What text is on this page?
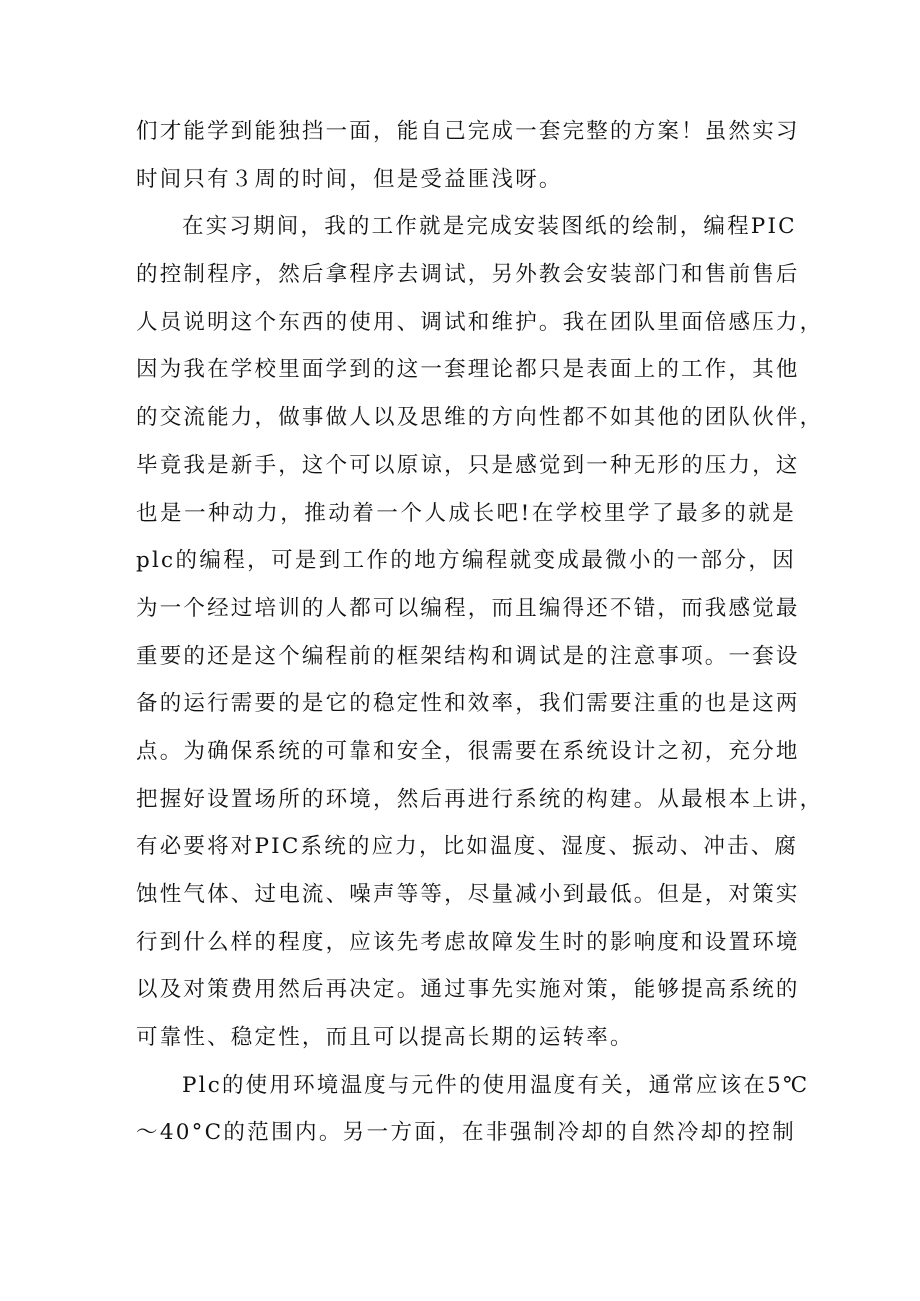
们才能学到能独挡一面，能自己完成一套完整的方案！虽然实习
时间只有３周的时间，但是受益匪浅呀。
在实习期间，我的工作就是完成安装图纸的绘制，编程PIC
的控制程序，然后拿程序去调试，另外教会安装部门和售前售后
人员说明这个东西的使用、调试和维护。我在团队里面倍感压力，
因为我在学校里面学到的这一套理论都只是表面上的工作，其他
的交流能力，做事做人以及思维的方向性都不如其他的团队伙伴，
毕竟我是新手，这个可以原谅，只是感觉到一种无形的压力，这
也是一种动力，推动着一个人成长吧!在学校里学了最多的就是
plc的编程，可是到工作的地方编程就变成最微小的一部分，因
为一个经过培训的人都可以编程，而且编得还不错，而我感觉最
重要的还是这个编程前的框架结构和调试是的注意事项。一套设
备的运行需要的是它的稳定性和效率，我们需要注重的也是这两
点。为确保系统的可靠和安全，很需要在系统设计之初，充分地
把握好设置场所的环境，然后再进行系统的构建。从最根本上讲，
有必要将对PIC系统的应力，比如温度、湿度、振动、冲击、腐
蚀性气体、过电流、噪声等等，尽量减小到最低。但是，对策实
行到什么样的程度，应该先考虑故障发生时的影响度和设置环境
以及对策费用然后再决定。通过事先实施对策，能够提高系统的
可靠性、稳定性，而且可以提高长期的运转率。
Plc的使用环境温度与元件的使用温度有关，通常应该在5℃
～40°C的范围内。另一方面，在非强制冷却的自然冷却的控制
